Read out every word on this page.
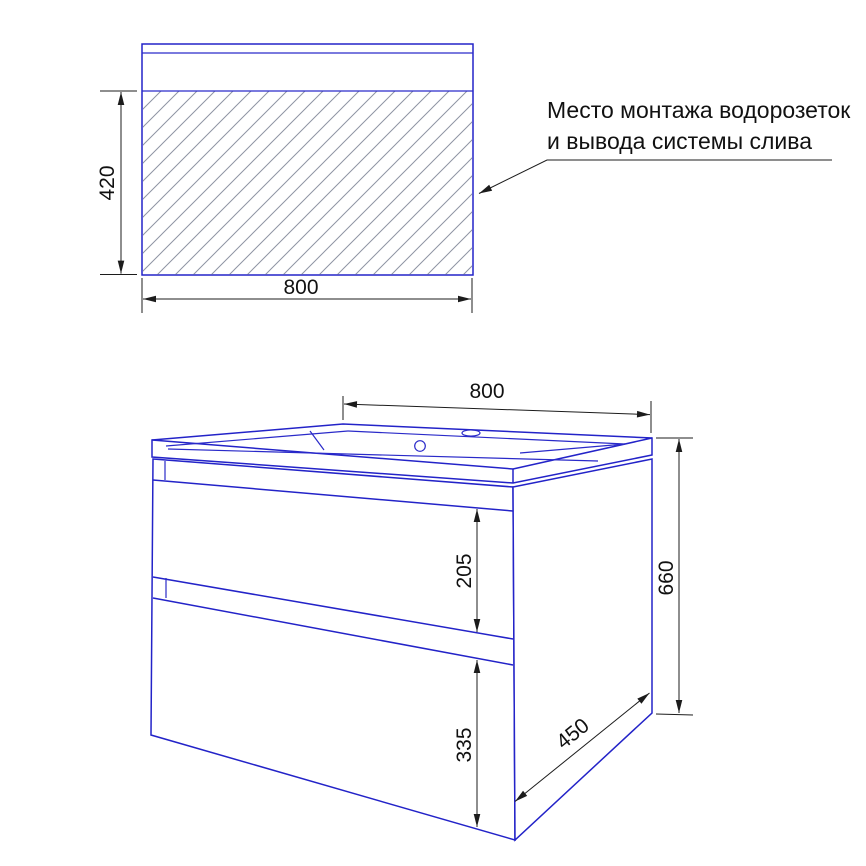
420
800
Место монтажа водорозеток
и вывода системы слива
800
660
205
335	450
